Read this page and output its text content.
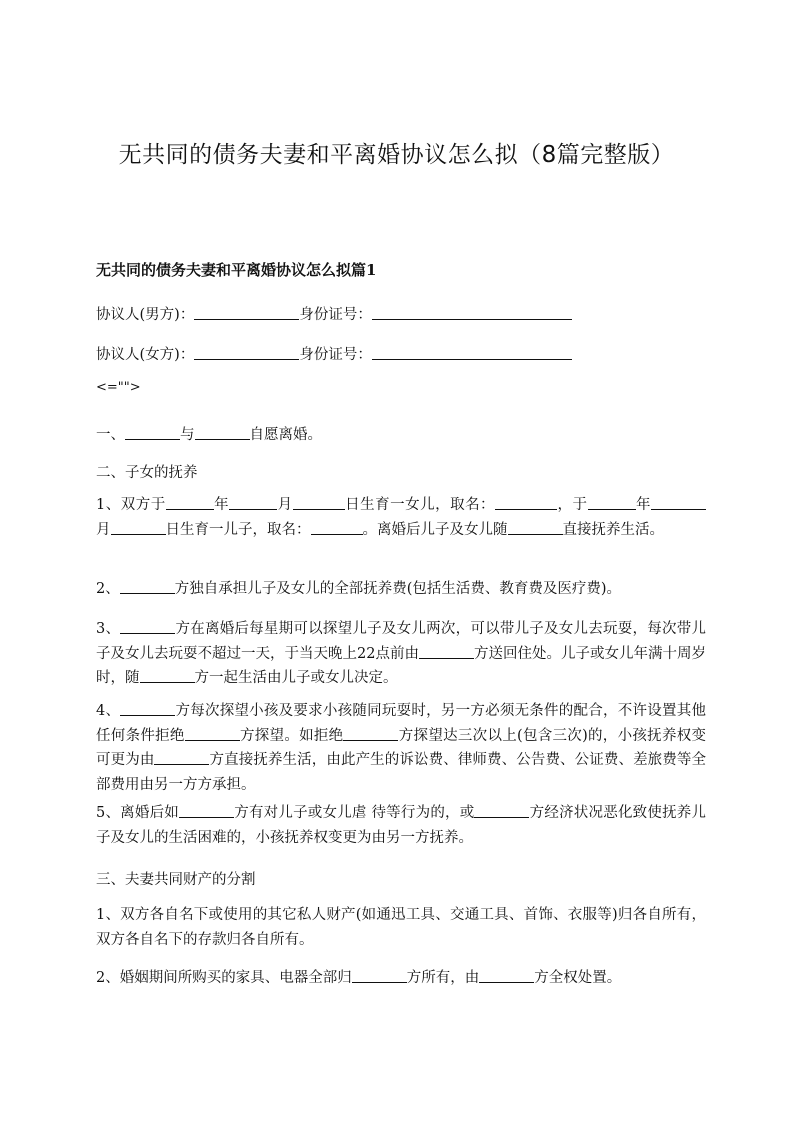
无共同的债务夫妻和平离婚协议怎么拟（8篇完整版）
无共同的债务夫妻和平离婚协议怎么拟篇1
协议人(男方)：	身份证号：
协议人(女方)：	身份证号：
<="">
一、	与	自愿离婚。
二、子女的抚养
1、双方于	年	月	日生育一女儿，取名：	，于	年月	日生育一儿子，取名：	。离婚后儿子及女儿随	直接抚养生活。
2、	方独自承担儿子及女儿的全部抚养费(包括生活费、教育费及医疗费)。
3、	方在离婚后每星期可以探望儿子及女儿两次，可以带儿子及女儿去玩耍，每次带儿子及女儿去玩耍不超过一天，于当天晚上22点前由	方送回住处。儿子或女儿年满十周岁时，随	方一起生活由儿子或女儿决定。
4、	方每次探望小孩及要求小孩随同玩耍时，另一方必须无条件的配合，不许设置其他任何条件拒绝	方探望。如拒绝	方探望达三次以上(包含三次)的，小孩抚养权变可更为由	方直接抚养生活，由此产生的诉讼费、律师费、公告费、公证费、差旅费等全部费用由另一方方承担。
5、离婚后如	方有对儿子或女儿虐 待等行为的，或	方经济状况恶化致使抚养儿子及女儿的生活困难的，小孩抚养权变更为由另一方抚养。
三、夫妻共同财产的分割
1、双方各自名下或使用的其它私人财产(如通迅工具、交通工具、首饰、衣服等)归各自所有，双方各自名下的存款归各自所有。
2、婚姻期间所购买的家具、电器全部归	方所有，由	方全权处置。
